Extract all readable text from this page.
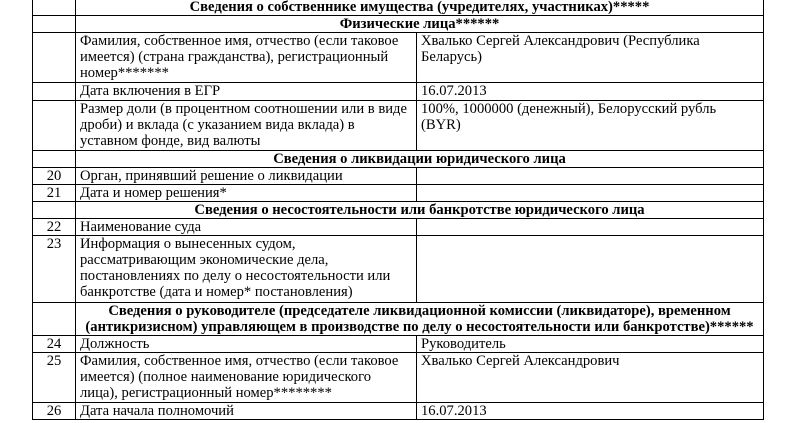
	Сведения о собственнике имущества (учредителях, участниках)*****	
	Физические лица******	
	Фамилия, собственное имя, отчество (если таковое имеется) (страна гражданства), регистрационный номер*******	Хвалько Сергей Александрович (Республика Беларусь)
	Дата включения в ЕГР	16.07.2013
	Размер доли (в процентном соотношении или в виде дроби) и вклада (с указанием вида вклада) в уставном фонде, вид валюты	100%, 1000000 (денежный), Белорусский рубль (BYR)
	Сведения о ликвидации юридического лица	
20	Орган, принявший решение о ликвидации	
21	Дата и номер решения*	
	Сведения о несостоятельности или банкротстве юридического лица	
22	Наименование суда	
23	Информация о вынесенных судом, рассматривающим экономические дела, постановлениях по делу о несостоятельности или банкротстве (дата и номер* постановления)	

	Сведения о руководителе (председателе ликвидационной комиссии (ликвидаторе), временном
(антикризисном) управляющем в производстве по делу о несостоятельности или банкротстве)******	

24	Должность	Руководитель
25	Фамилия, собственное имя, отчество (если таковое имеется) (полное наименование юридического лица), регистрационный номер********	Хвалько Сергей Александрович
26	Дата начала полномочий	16.07.2013
